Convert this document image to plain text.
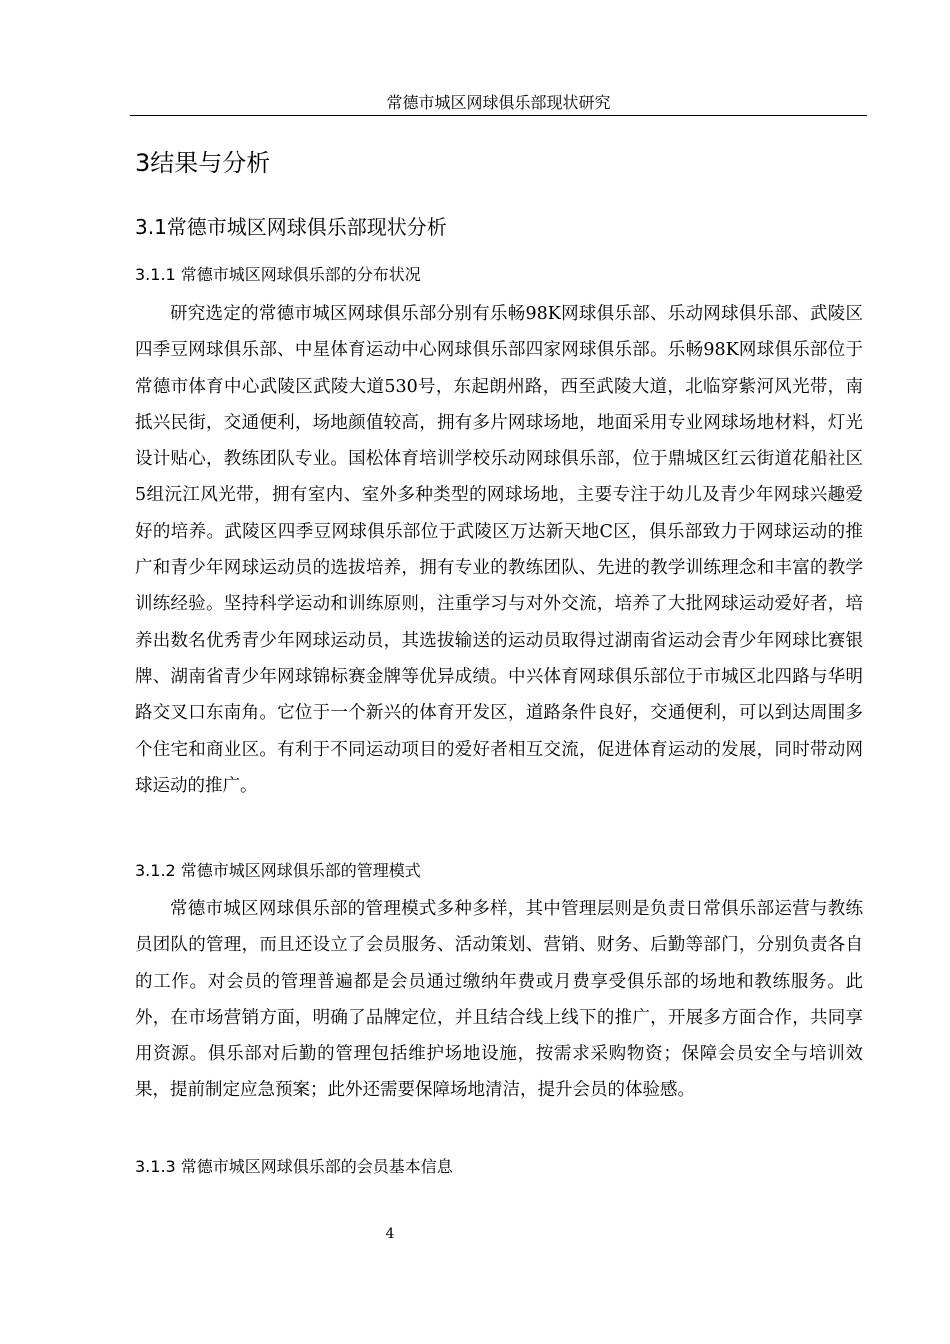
常德市城区网球俱乐部现状研究
3结果与分析
3.1常德市城区网球俱乐部现状分析
3.1.1 常德市城区网球俱乐部的分布状况

研究选定的常德市城区网球俱乐部分别有乐畅98K网球俱乐部、乐动网球俱乐部、武陵区四季豆网球俱乐部、中星体育运动中心网球俱乐部四家网球俱乐部。乐畅98K网球俱乐部位于常德市体育中心武陵区武陵大道530号，东起朗州路，西至武陵大道，北临穿紫河风光带，南抵兴民街，交通便利，场地颜值较高，拥有多片网球场地，地面采用专业网球场地材料，灯光设计贴心，教练团队专业。国松体育培训学校乐动网球俱乐部，位于鼎城区红云街道花船社区5组沅江风光带，拥有室内、室外多种类型的网球场地，主要专注于幼儿及青少年网球兴趣爱好的培养。武陵区四季豆网球俱乐部位于武陵区万达新天地C区，俱乐部致力于网球运动的推广和青少年网球运动员的选拔培养，拥有专业的教练团队、先进的教学训练理念和丰富的教学训练经验。坚持科学运动和训练原则，注重学习与对外交流，培养了大批网球运动爱好者，培养出数名优秀青少年网球运动员，其选拔输送的运动员取得过湖南省运动会青少年网球比赛银牌、湖南省青少年网球锦标赛金牌等优异成绩。中兴体育网球俱乐部位于市城区北四路与华明路交叉口东南角。它位于一个新兴的体育开发区，道路条件良好，交通便利，可以到达周围多个住宅和商业区。有利于不同运动项目的爱好者相互交流，促进体育运动的发展，同时带动网球运动的推广。

3.1.2 常德市城区网球俱乐部的管理模式

常德市城区网球俱乐部的管理模式多种多样，其中管理层则是负责日常俱乐部运营与教练员团队的管理，而且还设立了会员服务、活动策划、营销、财务、后勤等部门，分别负责各自的工作。对会员的管理普遍都是会员通过缴纳年费或月费享受俱乐部的场地和教练服务。此外，在市场营销方面，明确了品牌定位，并且结合线上线下的推广，开展多方面合作，共同享用资源。俱乐部对后勤的管理包括维护场地设施，按需求采购物资；保障会员安全与培训效果，提前制定应急预案；此外还需要保障场地清洁，提升会员的体验感。

3.1.3 常德市城区网球俱乐部的会员基本信息
4
